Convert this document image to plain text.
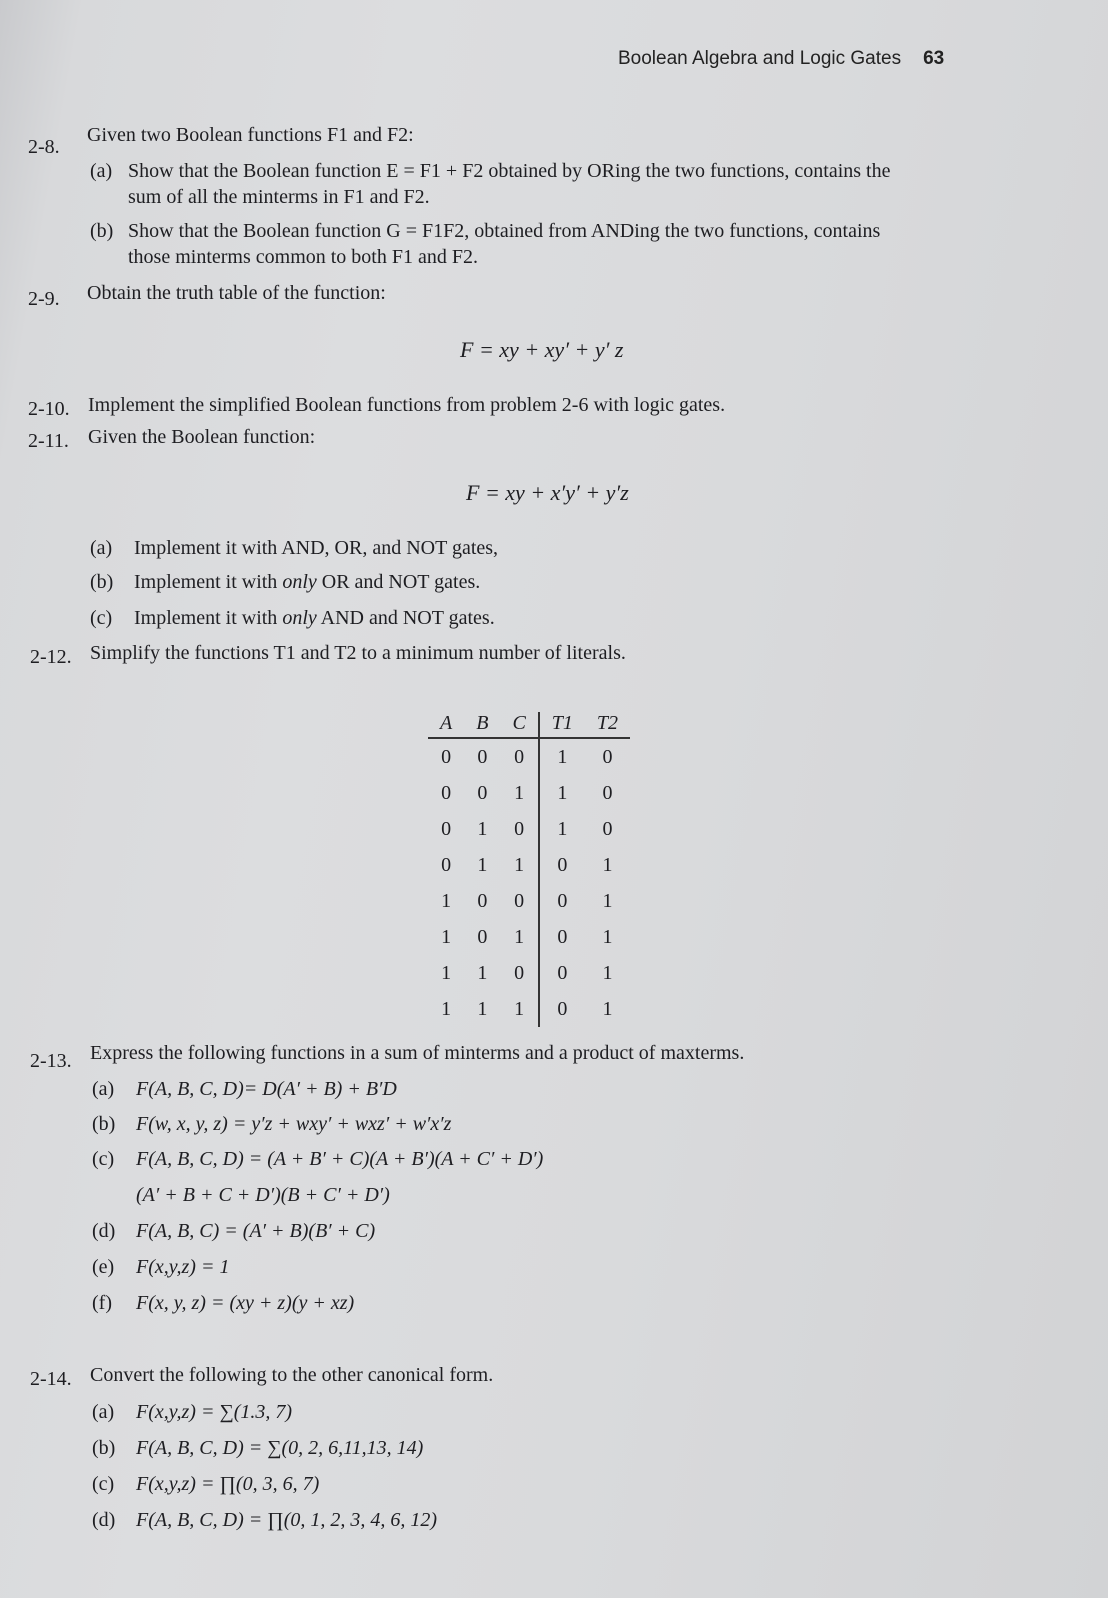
Boolean Algebra and Logic Gates 63
2-8.
Given two Boolean functions F1 and F2:
(a) Show that the Boolean function E = F1 + F2 obtained by ORing the two functions, contains the
sum of all the minterms in F1 and F2.
(b) Show that the Boolean function G = F1F2, obtained from ANDing the two functions, contains
those minterms common to both F1 and F2.
2-9. Obtain the truth table of the function:
F = xy + xy′ + y′ z
2-10. Implement the simplified Boolean functions from problem 2-6 with logic gates.
2-11. Given the Boolean function:
F = xy + x′y′ + y′z
(a) Implement it with AND, OR, and NOT gates,
(b) Implement it with only OR and NOT gates.
(c) Implement it with only AND and NOT gates.
2-12. Simplify the functions T1 and T2 to a minimum number of literals.
A	B	C	T1	T2
0	0	0	1	0
0	0	1	1	0
0	1	0	1	0
0	1	1	0	1
1	0	0	0	1
1	0	1	0	1
1	1	0	0	1
1	1	1	0	1
2-13. Express the following functions in a sum of minterms and a product of maxterms.
(a) F(A, B, C, D)= D(A′ + B) + B′D
(b) F(w, x, y, z) = y′z + wxy′ + wxz′ + w′x′z
(c) F(A, B, C, D) = (A + B′ + C)(A + B′)(A + C′ + D′)
(A′ + B + C + D′)(B + C′ + D′)
(d) F(A, B, C) = (A′ + B)(B′ + C)
(e) F(x,y,z) = 1
(f) F(x, y, z) = (xy + z)(y + xz)
2-14. Convert the following to the other canonical form.
(a) F(x,y,z) = ∑(1.3, 7)
(b) F(A, B, C, D) = ∑(0, 2, 6,11,13, 14)
(c) F(x,y,z) = ∏(0, 3, 6, 7)
(d) F(A, B, C, D) = ∏(0, 1, 2, 3, 4, 6, 12)
